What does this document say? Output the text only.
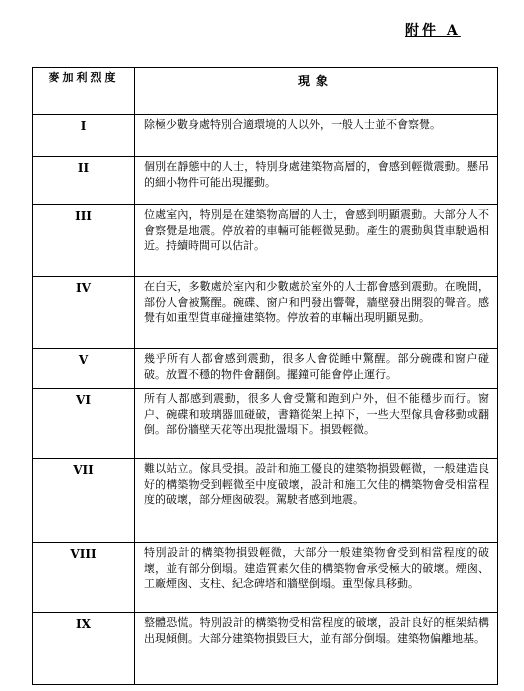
附件 A
麥加利烈度	現象
I	除極少數身處特別合適環境的人以外，一般人士並不會察覺。
II	個別在靜態中的人士，特別身處建築物高層的，會感到輕微震動。懸吊的細小物件可能出現擺動。
III	位處室內，特別是在建築物高層的人士，會感到明顯震動。大部分人不會察覺是地震。停放着的車輛可能輕微晃動。產生的震動與貨車駛過相近。持續時間可以估計。
IV	在白天，多數處於室內和少數處於室外的人士都會感到震動。在晚間，部份人會被驚醒。碗碟、窗户和門發出響聲，牆壁發出開裂的聲音。感覺有如重型貨車碰撞建築物。停放着的車輛出現明顯晃動。
V	幾乎所有人都會感到震動，很多人會從睡中驚醒。部分碗碟和窗户碰破。放置不穩的物件會翻倒。擺鐘可能會停止運行。
VI	所有人都感到震動，很多人會受驚和跑到户外，但不能穩步而行。窗户、碗碟和玻璃器皿碰破，書籍從架上掉下，一些大型傢具會移動或翻倒。部份牆壁天花等出現批盪塌下。損毀輕微。
VII	難以站立。傢具受損。設計和施工優良的建築物損毀輕微，一般建造良好的構築物受到輕微至中度破壞，設計和施工欠佳的構築物會受相當程度的破壞，部分煙囪破裂。駕駛者感到地震。
VIII	特別設計的構築物損毀輕微，大部分一般建築物會受到相當程度的破壞，並有部分倒塌。建造質素欠佳的構築物會承受極大的破壞。煙囪、工廠煙囪、支柱、紀念碑塔和牆壁倒塌。重型傢具移動。
IX	整體恐慌。特別設計的構築物受相當程度的破壞，設計良好的框架結構出現傾側。大部分建築物損毀巨大，並有部分倒塌。建築物偏離地基。
